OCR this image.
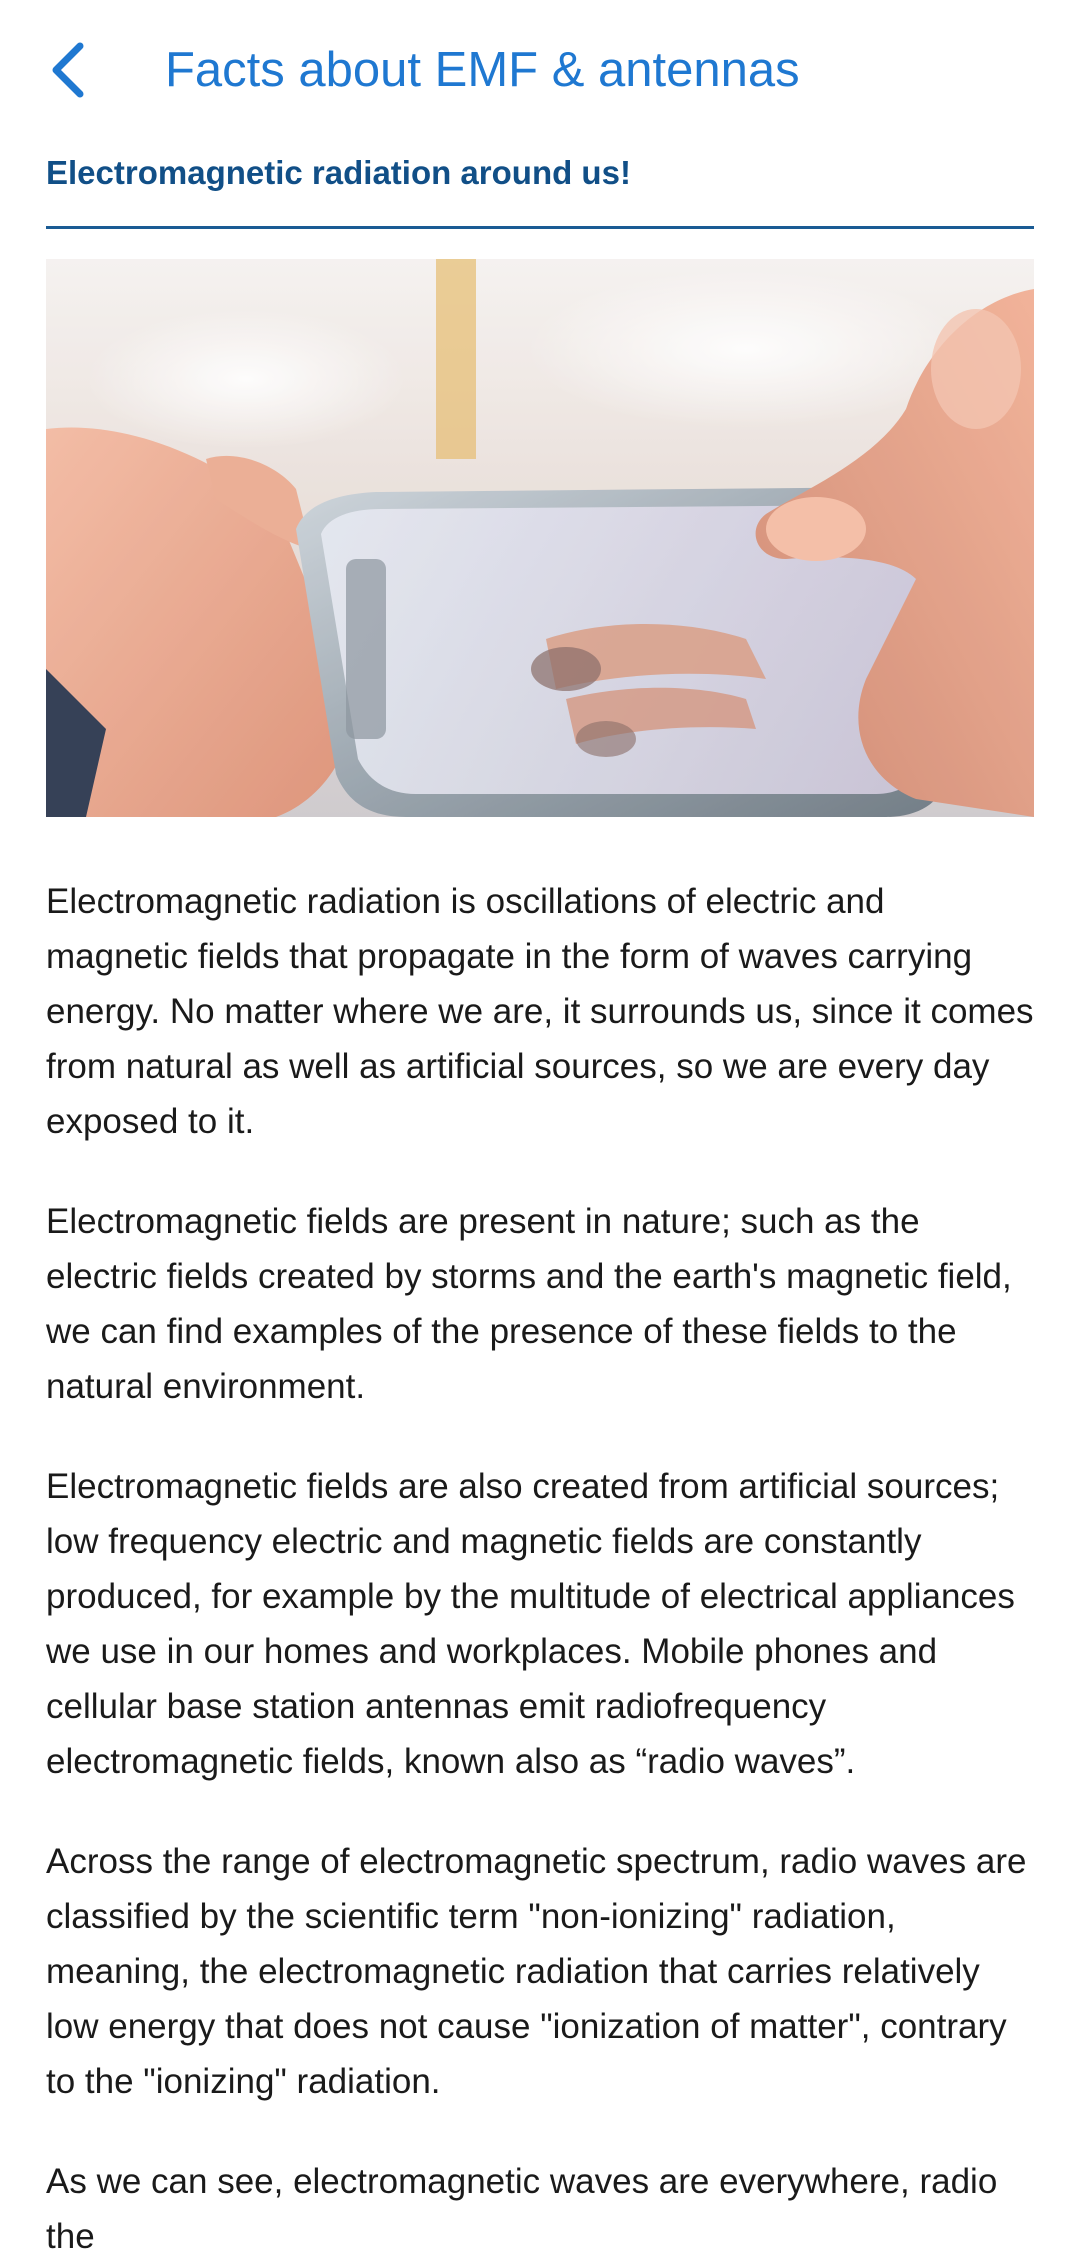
Facts about EMF & antennas
Electromagnetic radiation around us!

Electromagnetic radiation is oscillations of electric and magnetic fields that propagate in the form of waves carrying energy. No matter where we are, it surrounds us, since it comes from natural as well as artificial sources, so we are every day exposed to it.

Electromagnetic fields are present in nature; such as the electric fields created by storms and the earth's magnetic field, we can find examples of the presence of these fields to the natural environment.

Electromagnetic fields are also created from artificial sources; low frequency electric and magnetic fields are constantly produced, for example by the multitude of electrical appliances we use in our homes and workplaces. Mobile phones and cellular base station antennas emit radiofrequency electromagnetic fields, known also as “radio waves”.

Across the range of electromagnetic spectrum, radio waves are classified by the scientific term "non-ionizing" radiation, meaning, the electromagnetic radiation that carries relatively low energy that does not cause "ionization of matter", contrary to the "ionizing" radiation.

As we can see, electromagnetic waves are everywhere, radio the
